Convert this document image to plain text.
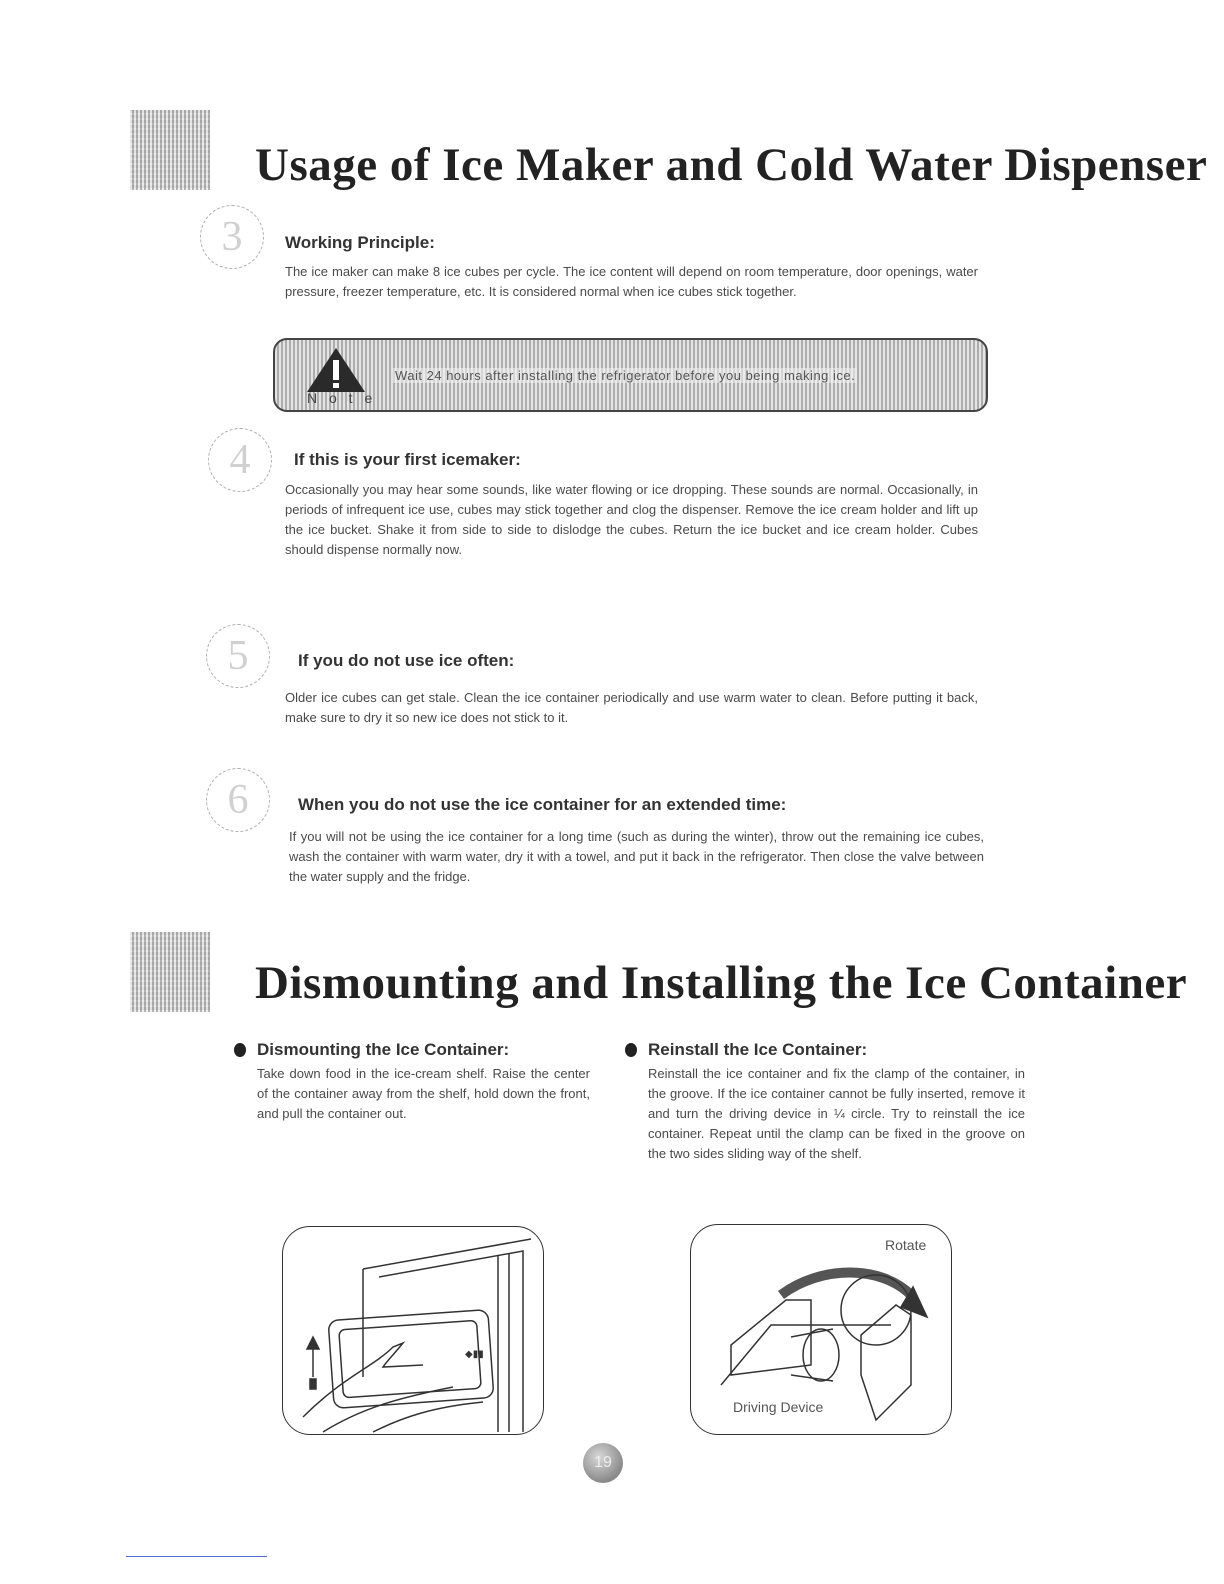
Usage of Ice Maker and Cold Water Dispenser
3	Working Principle:
The ice maker can make 8 ice cubes per cycle. The ice content will depend on room temperature, door openings, water pressure, freezer temperature, etc. It is considered normal when ice cubes stick together.
Wait 24 hours after installing the refrigerator before you being making ice.
N o t e
4	If this is your first icemaker:
Occasionally you may hear some sounds, like water flowing or ice dropping. These sounds are normal. Occasionally, in periods of infrequent ice use, cubes may stick together and clog the dispenser. Remove the ice cream holder and lift up the ice bucket. Shake it from side to side to dislodge the cubes. Return the ice bucket and ice cream holder. Cubes should dispense normally now.
5	If you do not use ice often:
Older ice cubes can get stale. Clean the ice container periodically and use warm water to clean. Before putting it back, make sure to dry it so new ice does not stick to it.
6	When you do not use the ice container for an extended time:
If you will not be using the ice container for a long time (such as during the winter), throw out the remaining ice cubes, wash the container with warm water, dry it with a towel, and put it back in the refrigerator. Then close the valve between the water supply and the fridge.
Dismounting and Installing the Ice Container
Dismounting the Ice Container:
Take down food in the ice-cream shelf. Raise the center of the container away from the shelf, hold down the front, and pull the container out.
Reinstall the Ice Container:
Reinstall the ice container and fix the clamp of the container, in the groove. If the ice container cannot be fully inserted, remove it and turn the driving device in ¼ circle. Try to reinstall the ice container. Repeat until the clamp can be fixed in the groove on the two sides sliding way of the shelf.
◆▮▮
Rotate
Driving Device
19
